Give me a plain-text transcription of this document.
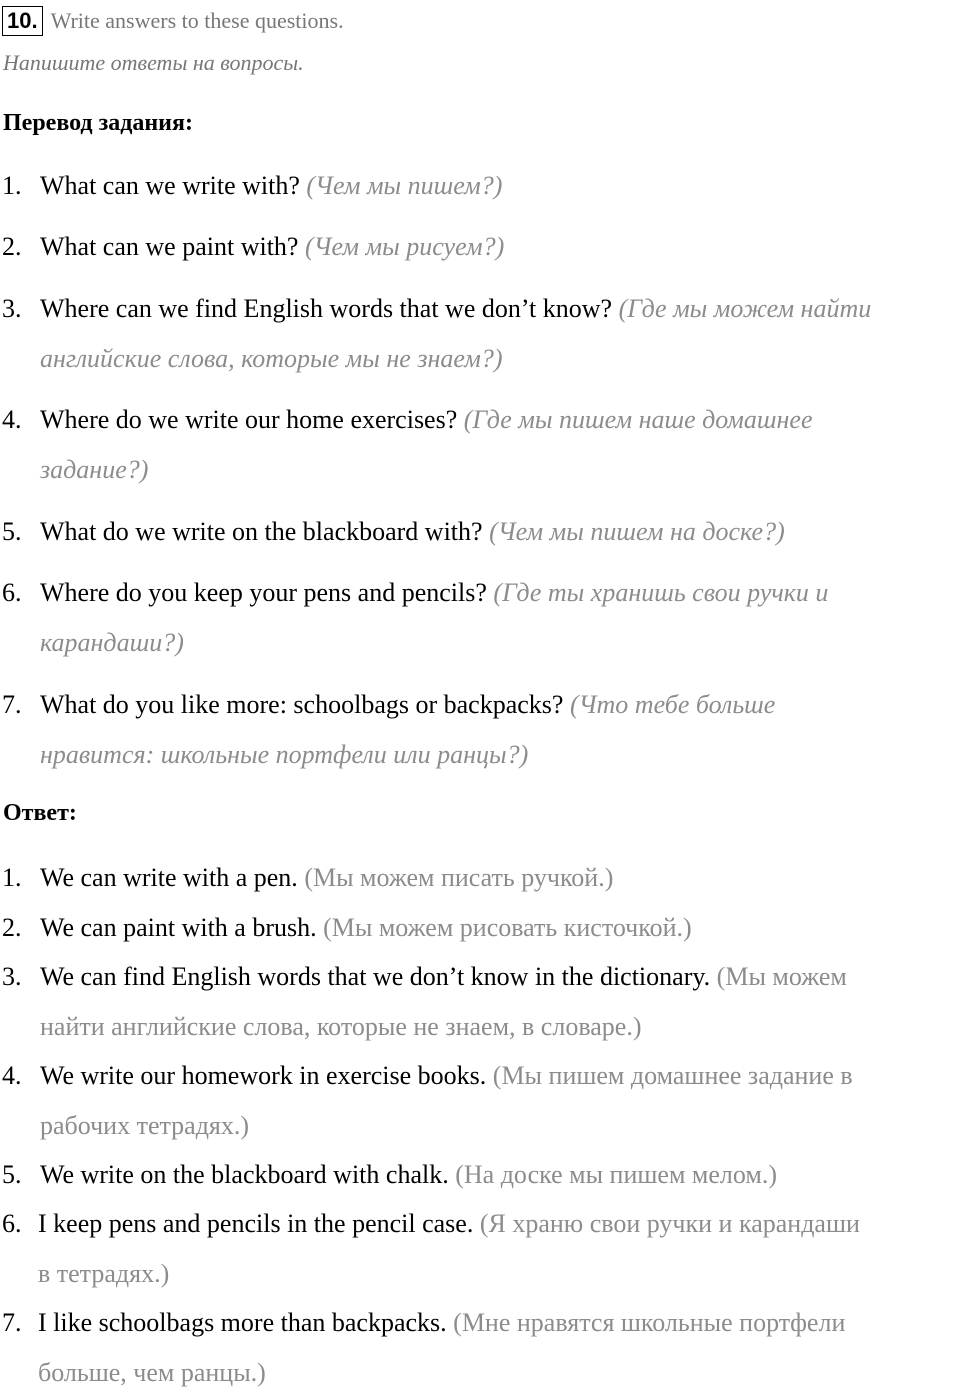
10. Write answers to these questions.
Напишите ответы на вопросы.
Перевод задания:
1. What can we write with? (Чем мы пишем?)
2. What can we paint with? (Чем мы рисуем?)
3. Where can we find English words that we don’t know? (Где мы можем найти
английские слова, которые мы не знаем?)
4. Where do we write our home exercises? (Где мы пишем наше домашнее
задание?)
5. What do we write on the blackboard with? (Чем мы пишем на доске?)
6. Where do you keep your pens and pencils? (Где ты хранишь свои ручки и
карандаши?)
7. What do you like more: schoolbags or backpacks? (Что тебе больше
нравится: школьные портфели или ранцы?)
Ответ:
1. We can write with a pen. (Мы можем писать ручкой.)
2. We can paint with a brush. (Мы можем рисовать кисточкой.)
3. We can find English words that we don’t know in the dictionary. (Мы можем
найти английские слова, которые не знаем, в словаре.)
4. We write our homework in exercise books. (Мы пишем домашнее задание в
рабочих тетрадях.)
5. We write on the blackboard with chalk. (На доске мы пишем мелом.)
6. I keep pens and pencils in the pencil case. (Я храню свои ручки и карандаши
в тетрадях.)
7. I like schoolbags more than backpacks. (Мне нравятся школьные портфели
больше, чем ранцы.)
